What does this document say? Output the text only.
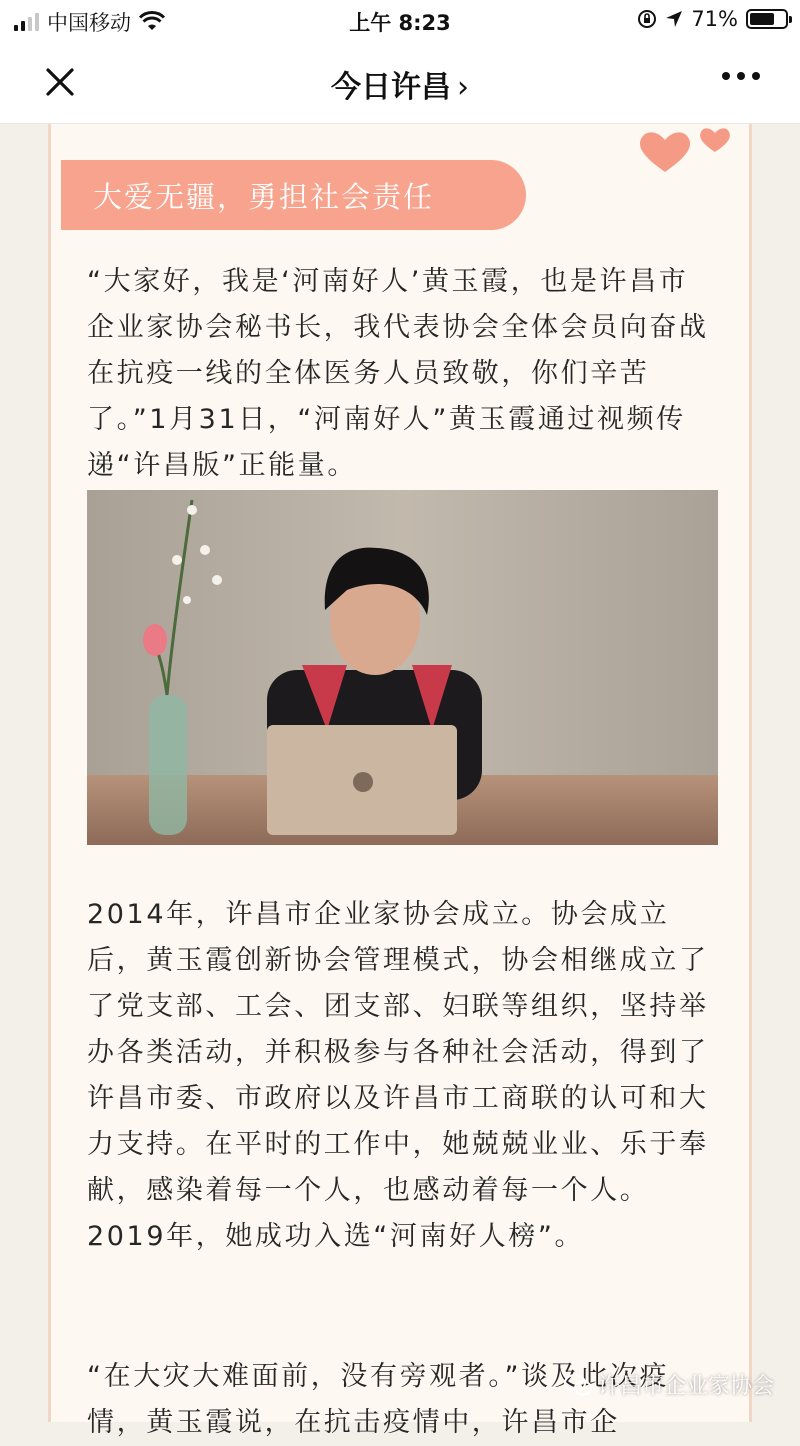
中国移动	上午 8:23	71%
今日许昌 ›
大爱无疆，勇担社会责任

“大家好，我是‘河南好人’黄玉霞，也是许昌市企业家协会秘书长，我代表协会全体会员向奋战在抗疫一线的全体医务人员致敬，你们辛苦了。”1月31日，“河南好人”黄玉霞通过视频传递“许昌版”正能量。

2014年，许昌市企业家协会成立。协会成立后，黄玉霞创新协会管理模式，协会相继成立了了党支部、工会、团支部、妇联等组织，坚持举办各类活动，并积极参与各种社会活动，得到了许昌市委、市政府以及许昌市工商联的认可和大力支持。在平时的工作中，她兢兢业业、乐于奉献，感染着每一个人，也感动着每一个人。2019年，她成功入选“河南好人榜”。

“在大灾大难面前，没有旁观者。”谈及此次疫情，黄玉霞说，在抗击疫情中，许昌市企

许昌市企业家协会
